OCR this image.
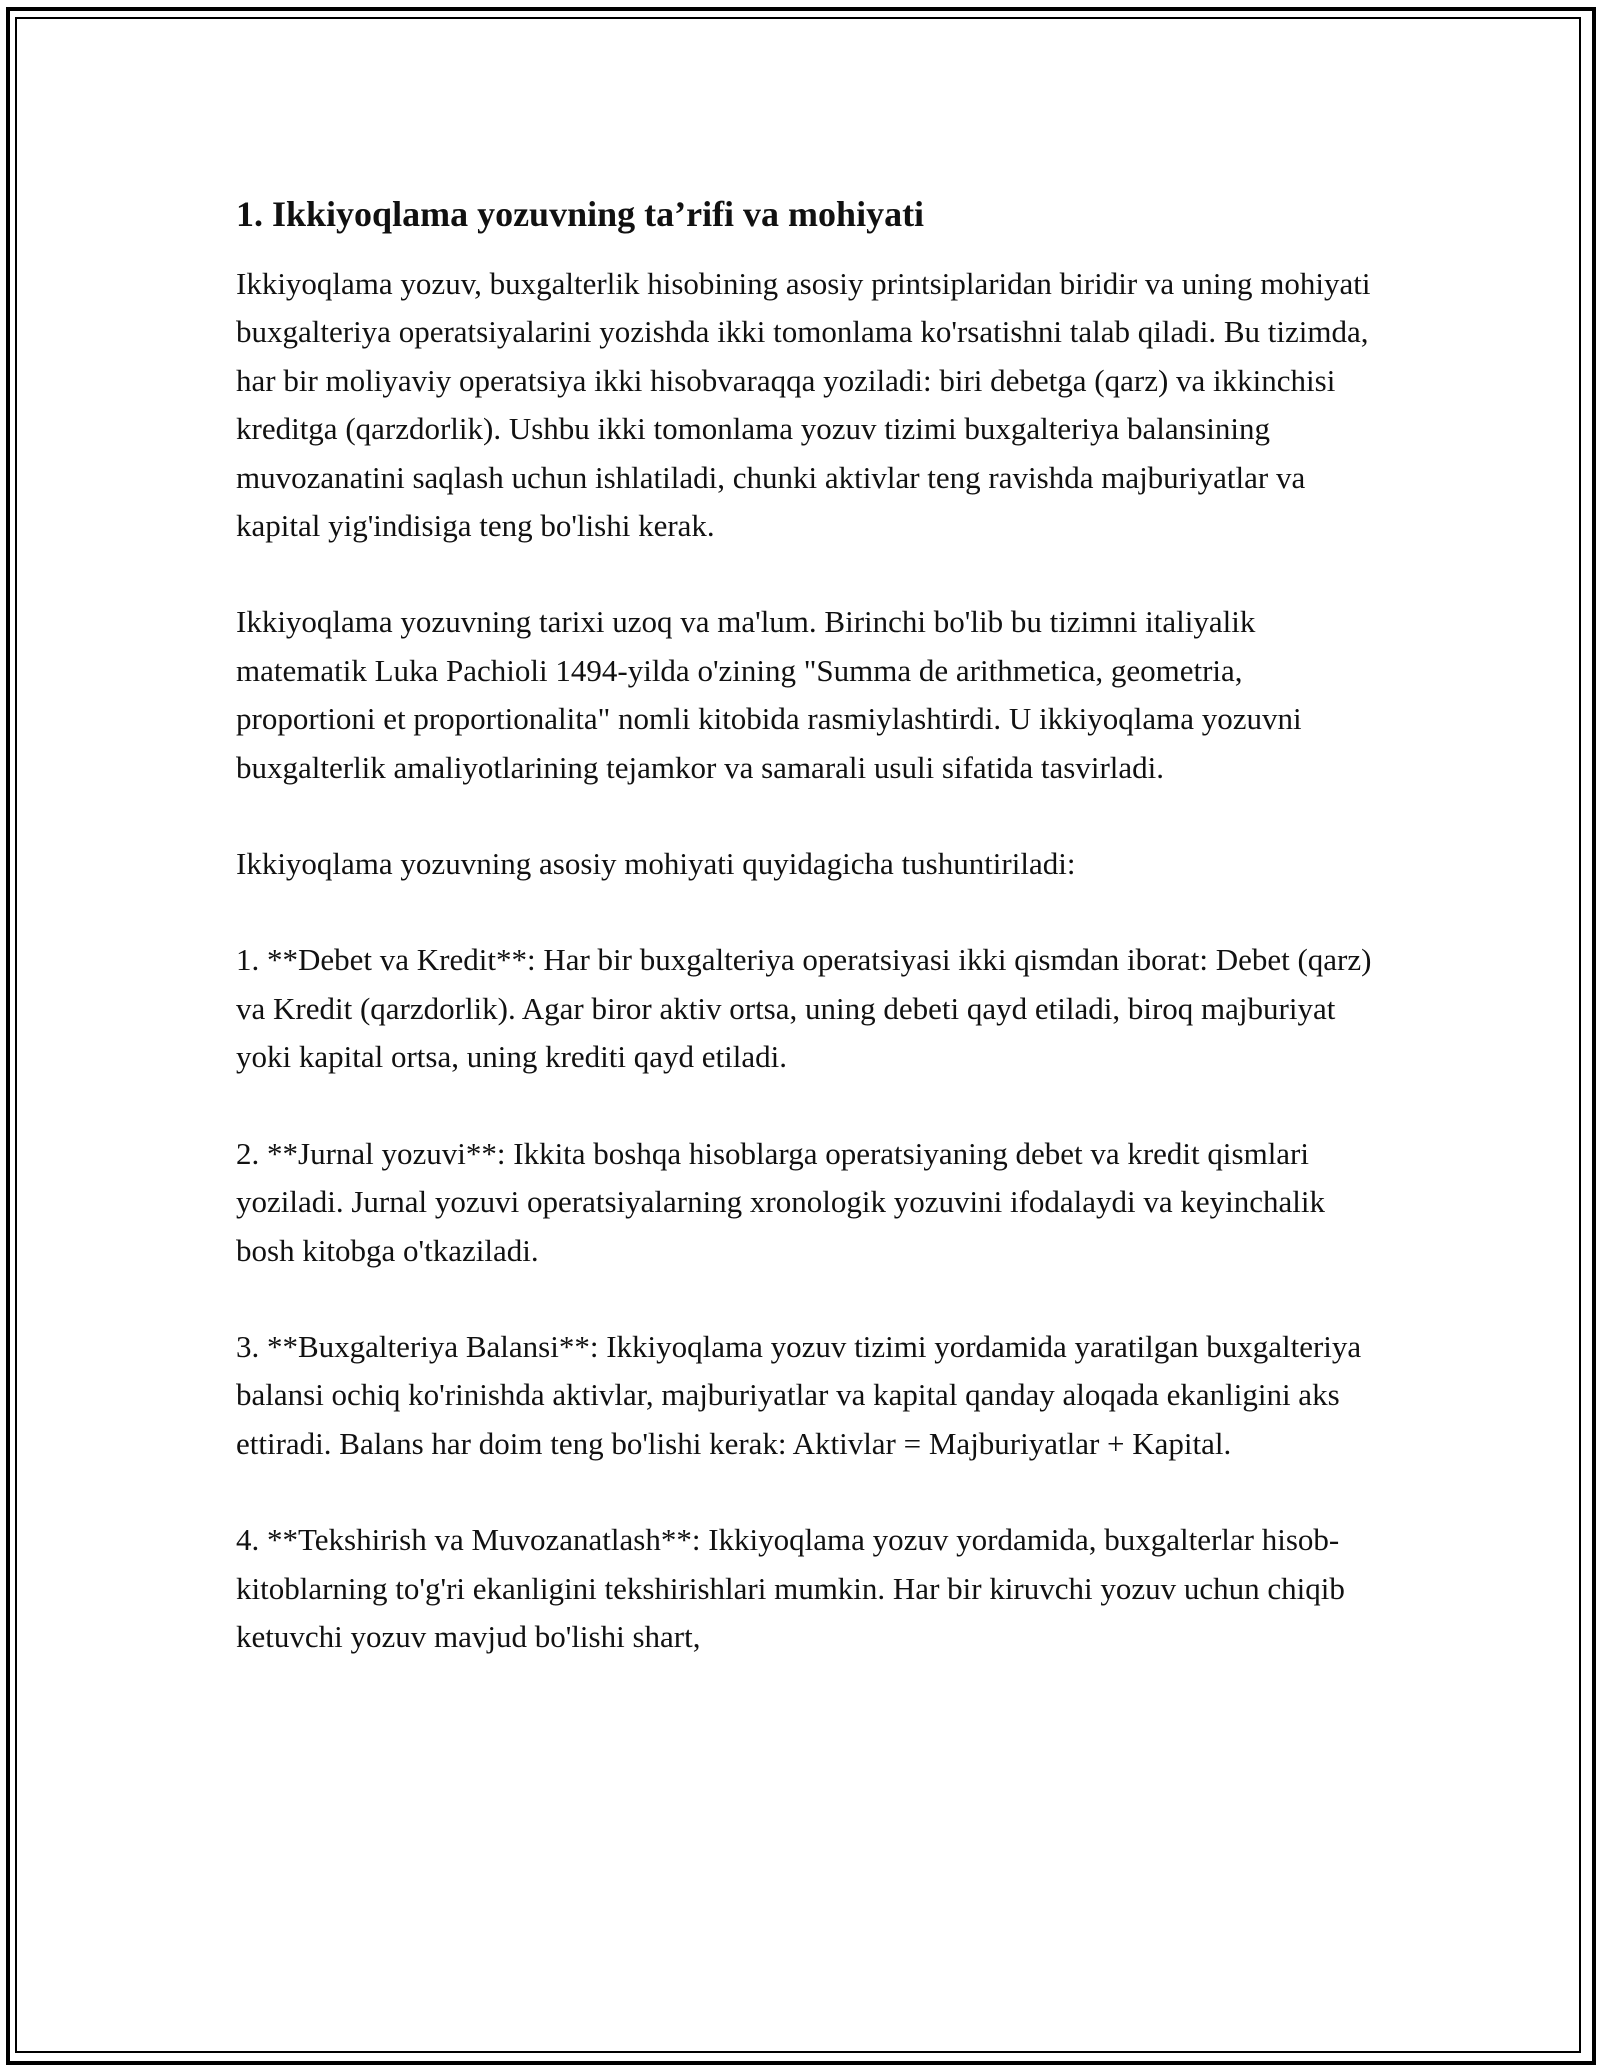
1. Ikkiyoqlama yozuvning ta’rifi va mohiyati

Ikkiyoqlama yozuv, buxgalterlik hisobining asosiy printsiplaridan biridir va uning mohiyati buxgalteriya operatsiyalarini yozishda ikki tomonlama ko'rsatishni talab qiladi. Bu tizimda, har bir moliyaviy operatsiya ikki hisobvaraqqa yoziladi: biri debetga (qarz) va ikkinchisi kreditga (qarzdorlik). Ushbu ikki tomonlama yozuv tizimi buxgalteriya balansining muvozanatini saqlash uchun ishlatiladi, chunki aktivlar teng ravishda majburiyatlar va kapital yig'indisiga teng bo'lishi kerak.

Ikkiyoqlama yozuvning tarixi uzoq va ma'lum. Birinchi bo'lib bu tizimni italiyalik matematik Luka Pachioli 1494-yilda o'zining "Summa de arithmetica, geometria, proportioni et proportionalita" nomli kitobida rasmiylashtirdi. U ikkiyoqlama yozuvni buxgalterlik amaliyotlarining tejamkor va samarali usuli sifatida tasvirladi.

Ikkiyoqlama yozuvning asosiy mohiyati quyidagicha tushuntiriladi:

1. **Debet va Kredit**: Har bir buxgalteriya operatsiyasi ikki qismdan iborat: Debet (qarz) va Kredit (qarzdorlik). Agar biror aktiv ortsa, uning debeti qayd etiladi, biroq majburiyat yoki kapital ortsa, uning krediti qayd etiladi.

2. **Jurnal yozuvi**: Ikkita boshqa hisoblarga operatsiyaning debet va kredit qismlari yoziladi. Jurnal yozuvi operatsiyalarning xronologik yozuvini ifodalaydi va keyinchalik bosh kitobga o'tkaziladi.

3. **Buxgalteriya Balansi**: Ikkiyoqlama yozuv tizimi yordamida yaratilgan buxgalteriya balansi ochiq ko'rinishda aktivlar, majburiyatlar va kapital qanday aloqada ekanligini aks ettiradi. Balans har doim teng bo'lishi kerak: Aktivlar = Majburiyatlar + Kapital.

4. **Tekshirish va Muvozanatlash**: Ikkiyoqlama yozuv yordamida, buxgalterlar hisob-kitoblarning to'g'ri ekanligini tekshirishlari mumkin. Har bir kiruvchi yozuv uchun chiqib ketuvchi yozuv mavjud bo'lishi shart,
